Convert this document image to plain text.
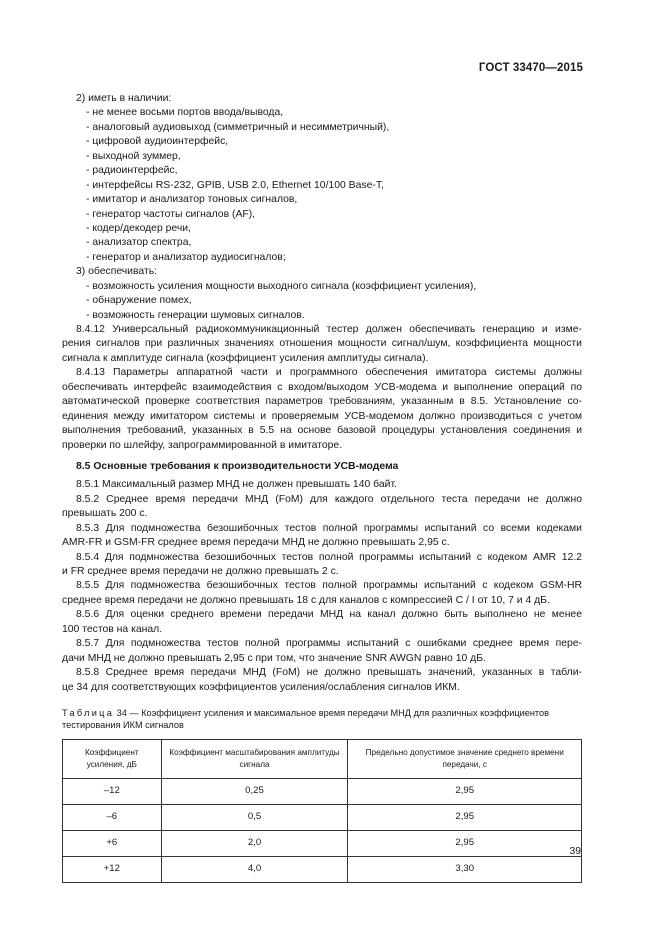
ГОСТ 33470—2015
2) иметь в наличии:
- не менее восьми портов ввода/вывода,
- аналоговый аудиовыход (симметричный и несимметричный),
- цифровой аудиоинтерфейс,
- выходной зуммер,
- радиоинтерфейс,
- интерфейсы RS-232, GPIB, USB 2.0, Ethernet 10/100 Base-T,
- имитатор и анализатор тоновых сигналов,
- генератор частоты сигналов (AF),
- кодер/декодер речи,
- анализатор спектра,
- генератор и анализатор аудиосигналов;
3) обеспечивать:
- возможность усиления мощности выходного сигнала (коэффициент усиления),
- обнаружение помех,
- возможность генерации шумовых сигналов.
8.4.12 Универсальный радиокоммуникационный тестер должен обеспечивать генерацию и изме-
рения сигналов при различных значениях отношения мощности сигнал/шум, коэффициента мощности
сигнала к амплитуде сигнала (коэффициент усиления амплитуды сигнала).
8.4.13 Параметры аппаратной части и программного обеспечения имитатора системы должны
обеспечивать интерфейс взаимодействия с входом/выходом УСВ-модема и выполнение операций по
автоматической проверке соответствия параметров требованиям, указанным в 8.5. Установление со-
единения между имитатором системы и проверяемым УСВ-модемом должно производиться с учетом
выполнения требований, указанных в 5.5 на основе базовой процедуры установления соединения и
проверки по шлейфу, запрограммированной в имитаторе.
8.5 Основные требования к производительности УСВ-модема
8.5.1 Максимальный размер МНД не должен превышать 140 байт.
8.5.2 Среднее время передачи МНД (FoM) для каждого отдельного теста передачи не должно
превышать 200 с.
8.5.3 Для подмножества безошибочных тестов полной программы испытаний со всеми кодеками
AMR-FR и GSM-FR среднее время передачи МНД не должно превышать 2,95 с.
8.5.4 Для подмножества безошибочных тестов полной программы испытаний с кодеком AMR 12.2
и FR среднее время передачи не должно превышать 2 с.
8.5.5 Для подмножества безошибочных тестов полной программы испытаний с кодеком GSM-HR
среднее время передачи не должно превышать 18 с для каналов с компрессией C / I от 10, 7 и 4 дБ.
8.5.6 Для оценки среднего времени передачи МНД на канал должно быть выполнено не менее
100 тестов на канал.
8.5.7 Для подмножества тестов полной программы испытаний с ошибками среднее время пере-
дачи МНД не должно превышать 2,95 с при том, что значение SNR AWGN равно 10 дБ.
8.5.8 Среднее время передачи МНД (FoM) не должно превышать значений, указанных в табли-
це 34 для соответствующих коэффициентов усиления/ослабления сигналов ИКМ.
Таблица 34 — Коэффициент усиления и максимальное время передачи МНД для различных коэффициентов
тестирования ИКМ сигналов
Коэффициент усиления, дБ	Коэффициент масштабирования амплитуды сигнала	Предельно допустимое значение среднего времени передачи, с
–12	0,25	2,95
–6	0,5	2,95
+6	2,0	2,95
+12	4,0	3,30
39
